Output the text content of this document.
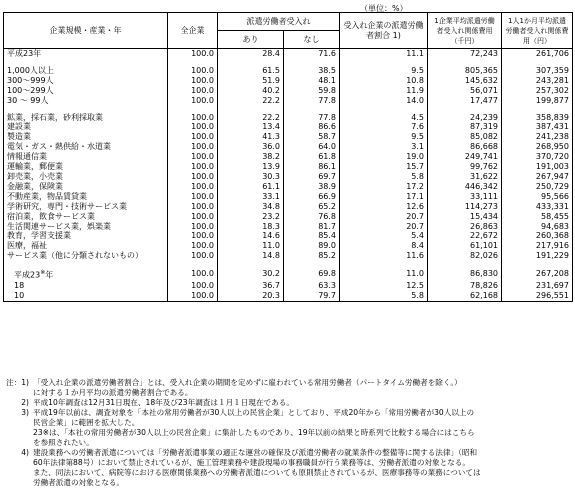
（単位：%）
企業規模・産業・年	全企業	派遣労働者受入れ		受入れ企業の派遣労働者割合 1)	1企業平均派遣労働者受入れ関係費用（千円）	1人1か月平均派遣労働者受入れ関係費用（円）
		あり	なし			
平成23年	100.0	28.4	71.6	11.1	72,243	261,706

1,000人以上	100.0	61.5	38.5	9.5	805,365	307,359
300～999人	100.0	51.9	48.1	10.8	145,632	243,281
100～299人	100.0	40.2	59.8	11.9	56,071	257,302
30 ～ 99人	100.0	22.2	77.8	14.0	17,477	199,877

鉱業，採石業，砂利採取業	100.0	22.2	77.8	4.5	24,239	358,839
建設業	100.0	13.4	86.6	7.6	87,319	387,431
製造業	100.0	41.3	58.7	9.5	85,082	241,238
電気・ガス・熱供給・水道業	100.0	36.0	64.0	3.1	86,668	268,950
情報通信業	100.0	38.2	61.8	19.0	249,741	370,720
運輸業，郵便業	100.0	13.9	86.1	15.7	99,762	191,003
卸売業，小売業	100.0	30.3	69.7	5.8	31,622	267,947
金融業，保険業	100.0	61.1	38.9	17.2	446,342	250,729
不動産業，物品賃貸業	100.0	33.1	66.9	17.1	33,111	95,566
学術研究，専門・技術サービス業	100.0	34.8	65.2	12.6	114,273	433,331
宿泊業，飲食サービス業	100.0	23.2	76.8	20.7	15,434	58,455
生活関連サービス業，娯楽業	100.0	18.3	81.7	20.7	26,863	94,683
教育，学習支援業	100.0	14.6	85.4	5.4	22,672	260,368
医療，福祉	100.0	11.0	89.0	8.4	61,101	217,916
サービス業（他に分類されないもの）	100.0	14.8	85.2	11.6	82,026	191,229

平成23※年	100.0	30.2	69.8	11.0	86,830	267,208
18	100.0	36.7	63.3	12.5	78,826	231,697
10	100.0	20.3	79.7	5.8	62,168	296,551
注：1) 「受入れ企業の派遣労働者割合」とは、受入れ企業の期間を定めずに雇われている常用労働者（パートタイム労働者を除く。）
に対する１か月平均の派遣労働者割合である。
2) 平成10年調査は12月31日現在、18年及び23年調査は１月１日現在である。
3) 平成19年以前は、調査対象を「本社の常用労働者が30人以上の民営企業」としており、平成20年から「常用労働者が30人以上の
民営企業」に範囲を拡大した。
23※は、「本社の常用労働者が30人以上の民営企業」に集計したものであり、19年以前の結果と時系列で比較する場合にはこちら
を参照されたい。
4) 建設業務への労働者派遣については「労働者派遣事業の適正な運営の確保及び派遣労働者の就業条件の整備等に関する法律」（昭和
60年法律第88号）において禁止されているが、施工管理業務や建設現場の事務職員が行う業務等は、労働者派遣の対象となる。
また、同法において、病院等における医療関係業務への労働者派遣についても原則禁止されているが、医療事務等の業務については
労働者派遣の対象となる。
